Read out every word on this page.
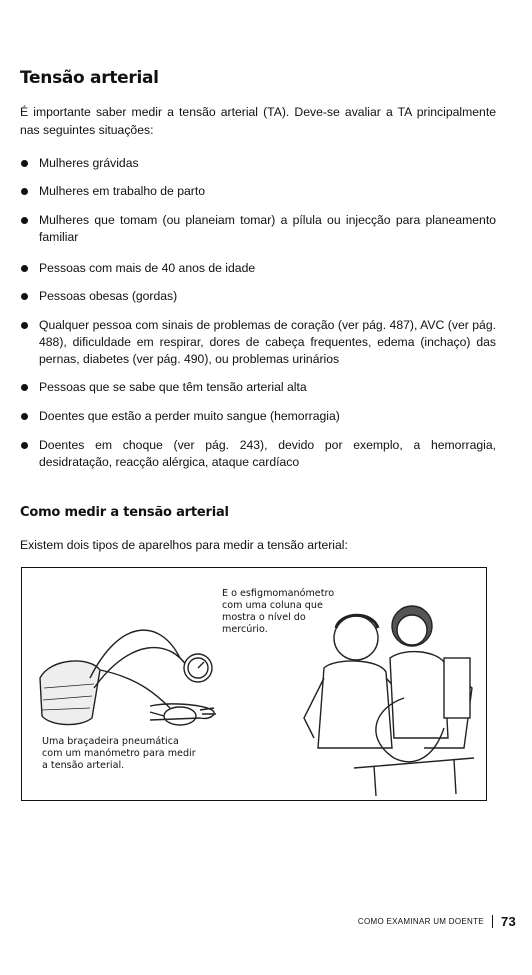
Tensão arterial

É importante saber medir a tensão arterial (TA). Deve-se avaliar a TA principalmente nas seguintes situações:

Mulheres grávidas
Mulheres em trabalho de parto
Mulheres que tomam (ou planeiam tomar) a pílula ou injecção para planeamento familiar
Pessoas com mais de 40 anos de idade
Pessoas obesas (gordas)
Qualquer pessoa com sinais de problemas de coração (ver pág. 487), AVC (ver pág. 488), dificuldade em respirar, dores de cabeça frequentes, edema (inchaço) das pernas, diabetes (ver pág. 490), ou problemas urinários
Pessoas que se sabe que têm tensão arterial alta
Doentes que estão a perder muito sangue (hemorragia)
Doentes em choque (ver pág. 243), devido por exemplo, a hemorragia, desidratação, reacção alérgica, ataque cardíaco
Como medir a tensão arterial

Existem dois tipos de aparelhos para medir a tensão arterial:

Uma braçadeira pneumática com um manómetro para medir a tensão arterial.

E o esfigmomanómetro com uma coluna que mostra o nível do mercúrio.

COMO EXAMINAR UM DOENTE 73
